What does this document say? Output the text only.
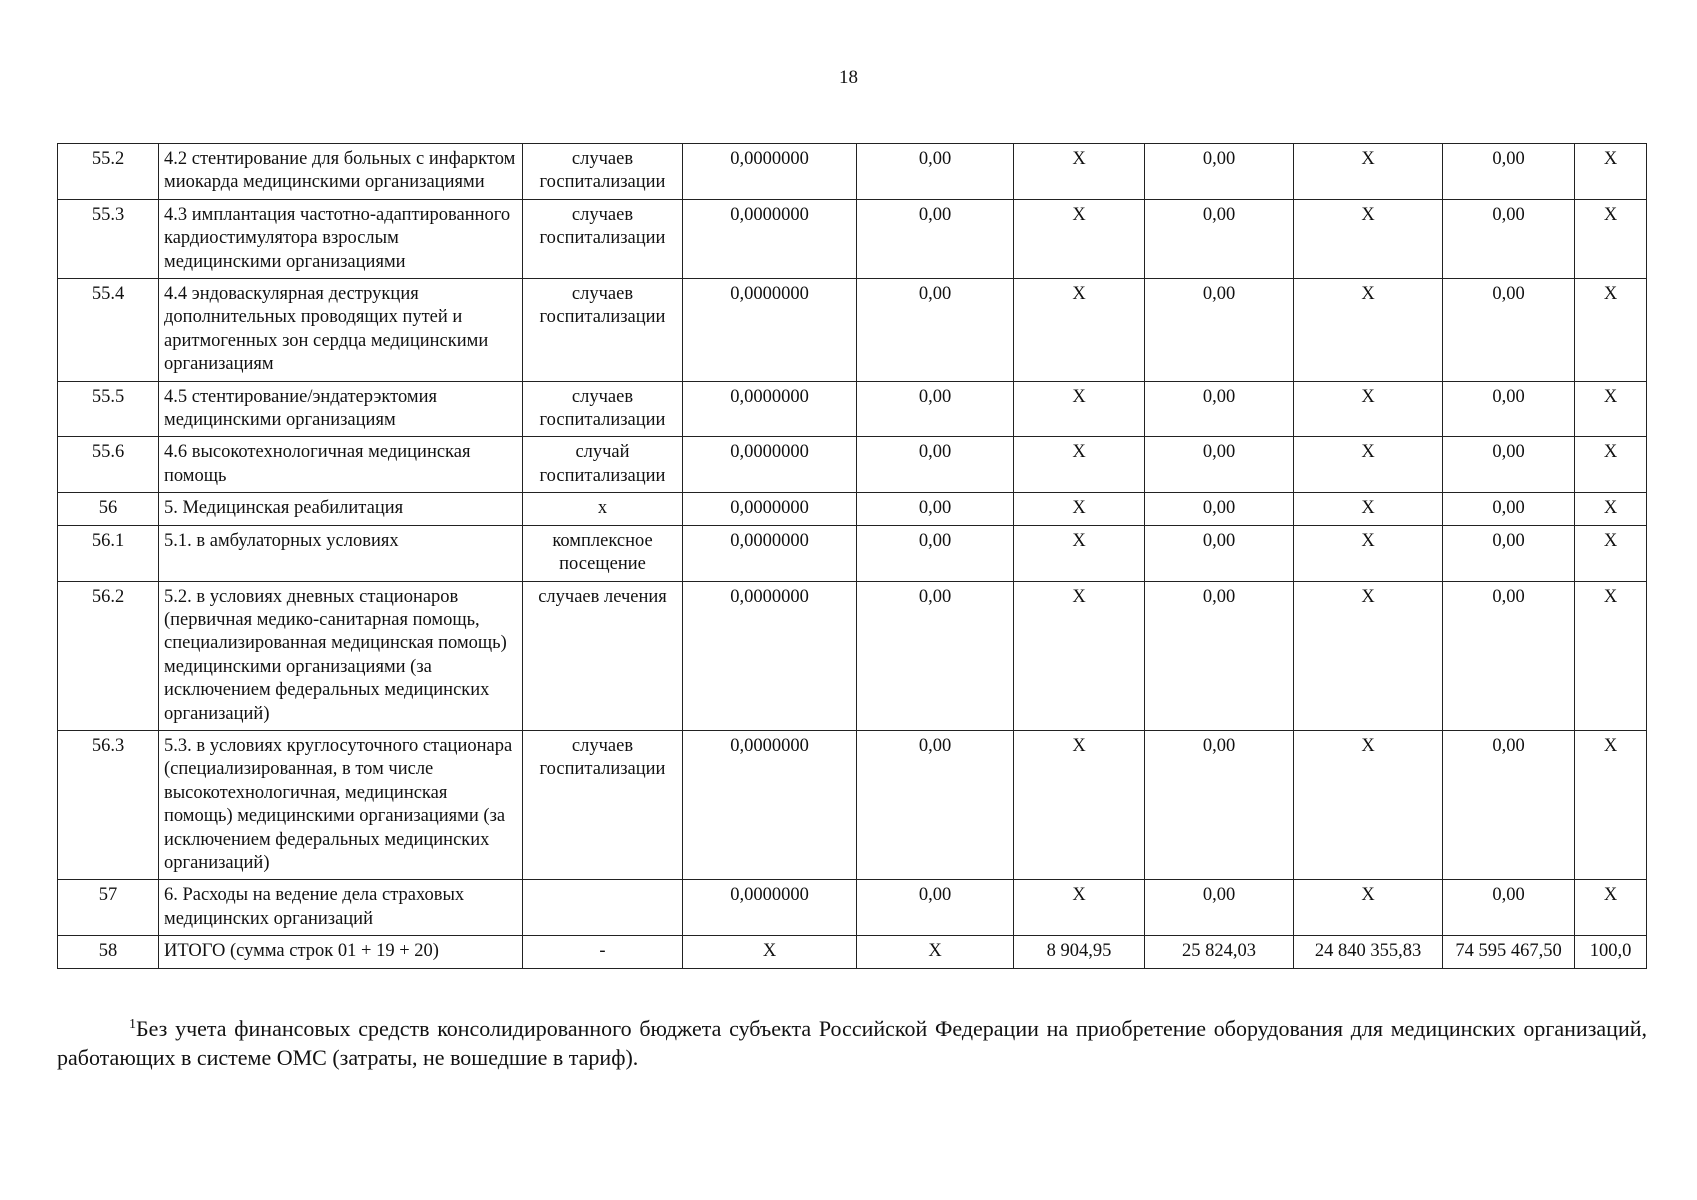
18
55.2	4.2 стентирование для больных с инфарктом миокарда медицинскими организациями	случаев госпитализации	0,0000000	0,00	X	0,00	X	0,00	X
55.3	4.3 имплантация частотно-адаптированного кардиостимулятора взрослым медицинскими организациями	случаев госпитализации	0,0000000	0,00	X	0,00	X	0,00	X
55.4	4.4 эндоваскулярная деструкция дополнительных проводящих путей и аритмогенных зон сердца медицинскими организациям	случаев госпитализации	0,0000000	0,00	X	0,00	X	0,00	X
55.5	4.5 стентирование/эндатерэктомия медицинскими организациям	случаев госпитализации	0,0000000	0,00	X	0,00	X	0,00	X
55.6	4.6 высокотехнологичная медицинская помощь	случай госпитализации	0,0000000	0,00	X	0,00	X	0,00	X
56	5. Медицинская реабилитация	х	0,0000000	0,00	X	0,00	X	0,00	X
56.1	5.1. в амбулаторных условиях	комплексное посещение	0,0000000	0,00	X	0,00	X	0,00	X
56.2	5.2. в условиях дневных стационаров (первичная медико-санитарная помощь, специализированная медицинская помощь) медицинскими организациями (за исключением федеральных медицинских организаций)	случаев лечения	0,0000000	0,00	X	0,00	X	0,00	X
56.3	5.3. в условиях круглосуточного стационара (специализированная, в том числе высокотехнологичная, медицинская помощь) медицинскими организациями (за исключением федеральных медицинских организаций)	случаев госпитализации	0,0000000	0,00	X	0,00	X	0,00	X
57	6. Расходы на ведение дела страховых медицинских организаций		0,0000000	0,00	X	0,00	X	0,00	X
58	ИТОГО (сумма строк 01 + 19 + 20)	-	X	X	8 904,95	25 824,03	24 840 355,83	74 595 467,50	100,0

$^1$Без учета финансовых средств консолидированного бюджета субъекта Российской Федерации на приобретение оборудования для медицинских организаций, работающих в системе ОМС (затраты, не вошедшие в тариф).
